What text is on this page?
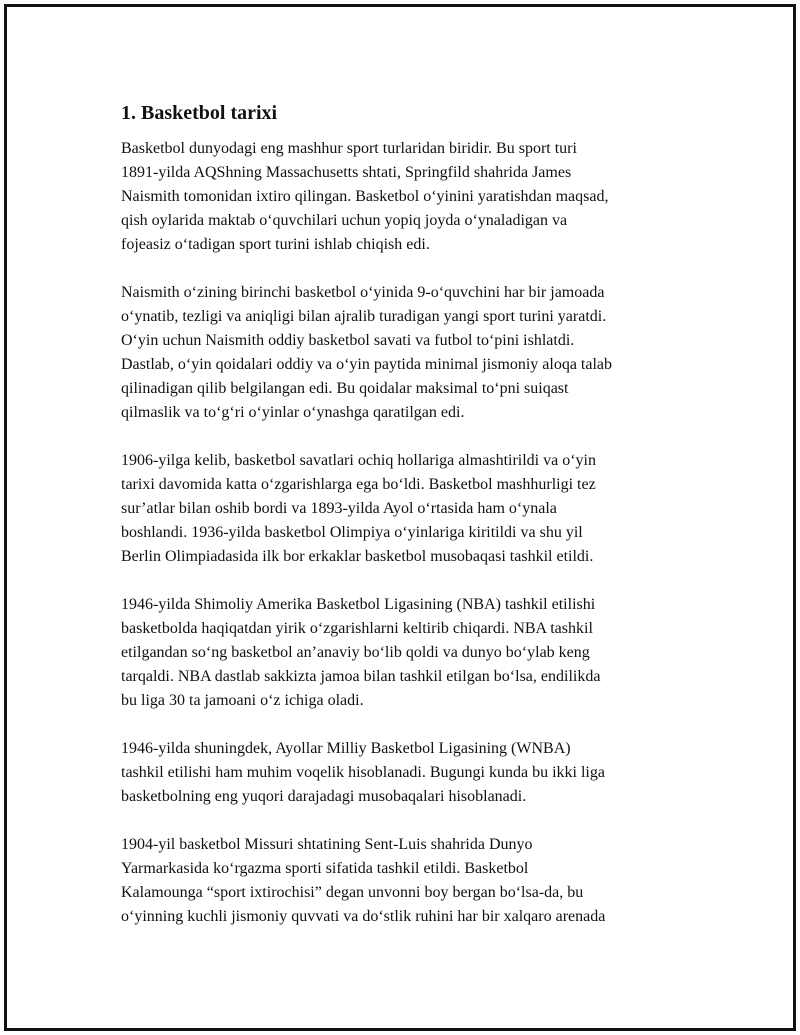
1. Basketbol tarixi

Basketbol dunyodagi eng mashhur sport turlaridan biridir. Bu sport turi
1891-yilda AQShning Massachusetts shtati, Springfild shahrida James
Naismith tomonidan ixtiro qilingan. Basketbol o‘yinini yaratishdan maqsad,
qish oylarida maktab o‘quvchilari uchun yopiq joyda o‘ynaladigan va
fojeasiz o‘tadigan sport turini ishlab chiqish edi.

Naismith o‘zining birinchi basketbol o‘yinida 9-o‘quvchini har bir jamoada
o‘ynatib, tezligi va aniqligi bilan ajralib turadigan yangi sport turini yaratdi.
O‘yin uchun Naismith oddiy basketbol savati va futbol to‘pini ishlatdi.
Dastlab, o‘yin qoidalari oddiy va o‘yin paytida minimal jismoniy aloqa talab
qilinadigan qilib belgilangan edi. Bu qoidalar maksimal to‘pni suiqast
qilmaslik va to‘g‘ri o‘yinlar o‘ynashga qaratilgan edi.

1906-yilga kelib, basketbol savatlari ochiq hollariga almashtirildi va o‘yin
tarixi davomida katta o‘zgarishlarga ega bo‘ldi. Basketbol mashhurligi tez
sur’atlar bilan oshib bordi va 1893-yilda Ayol o‘rtasida ham o‘ynala
boshlandi. 1936-yilda basketbol Olimpiya o‘yinlariga kiritildi va shu yil
Berlin Olimpiadasida ilk bor erkaklar basketbol musobaqasi tashkil etildi.

1946-yilda Shimoliy Amerika Basketbol Ligasining (NBA) tashkil etilishi
basketbolda haqiqatdan yirik o‘zgarishlarni keltirib chiqardi. NBA tashkil
etilgandan so‘ng basketbol an’anaviy bo‘lib qoldi va dunyo bo‘ylab keng
tarqaldi. NBA dastlab sakkizta jamoa bilan tashkil etilgan bo‘lsa, endilikda
bu liga 30 ta jamoani o‘z ichiga oladi.

1946-yilda shuningdek, Ayollar Milliy Basketbol Ligasining (WNBA)
tashkil etilishi ham muhim voqelik hisoblanadi. Bugungi kunda bu ikki liga
basketbolning eng yuqori darajadagi musobaqalari hisoblanadi.

1904-yil basketbol Missuri shtatining Sent-Luis shahrida Dunyo
Yarmarkasida ko‘rgazma sporti sifatida tashkil etildi. Basketbol
Kalamounga “sport ixtirochisi” degan unvonni boy bergan bo‘lsa-da, bu
o‘yinning kuchli jismoniy quvvati va do‘stlik ruhini har bir xalqaro arenada
